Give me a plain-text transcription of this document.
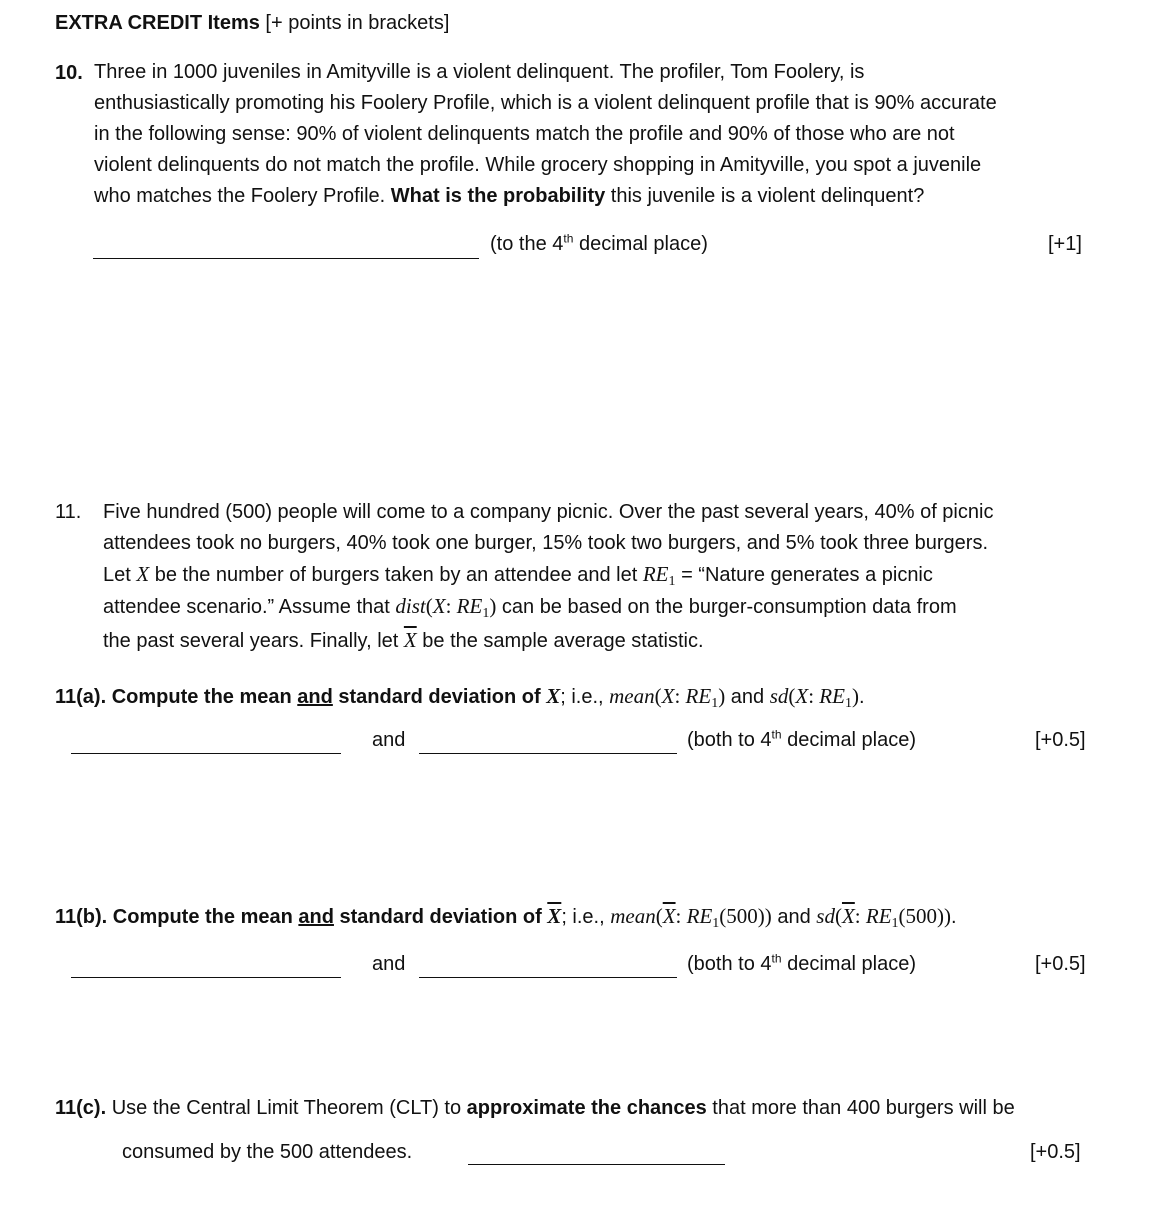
EXTRA CREDIT Items [+ points in brackets]
10. Three in 1000 juveniles in Amityville is a violent delinquent. The profiler, Tom Foolery, is
enthusiastically promoting his Foolery Profile, which is a violent delinquent profile that is 90% accurate
in the following sense: 90% of violent delinquents match the profile and 90% of those who are not
violent delinquents do not match the profile. While grocery shopping in Amityville, you spot a juvenile
who matches the Foolery Profile. What is the probability this juvenile is a violent delinquent?
(to the 4th decimal place)	[+1]
11. Five hundred (500) people will come to a company picnic. Over the past several years, 40% of picnic
attendees took no burgers, 40% took one burger, 15% took two burgers, and 5% took three burgers.
Let X be the number of burgers taken by an attendee and let $RE_1$ = “Nature generates a picnic
attendee scenario.” Assume that dist(X: $RE_1$) can be based on the burger-consumption data from
the past several years. Finally, let $\overline{X}$ be the sample average statistic.
11(a). Compute the mean and standard deviation of X; i.e., mean(X: $RE_1$) and sd(X: $RE_1$).
and	(both to 4th decimal place)	[+0.5]
11(b). Compute the mean and standard deviation of $\overline{X}$; i.e., $mean(\overline{X}$: $RE_1(500)$) and $sd(\overline{X}$: $RE_1(500)$).
and	(both to 4th decimal place)	[+0.5]
11(c). Use the Central Limit Theorem (CLT) to approximate the chances that more than 400 burgers will be
consumed by the 500 attendees.	[+0.5]
